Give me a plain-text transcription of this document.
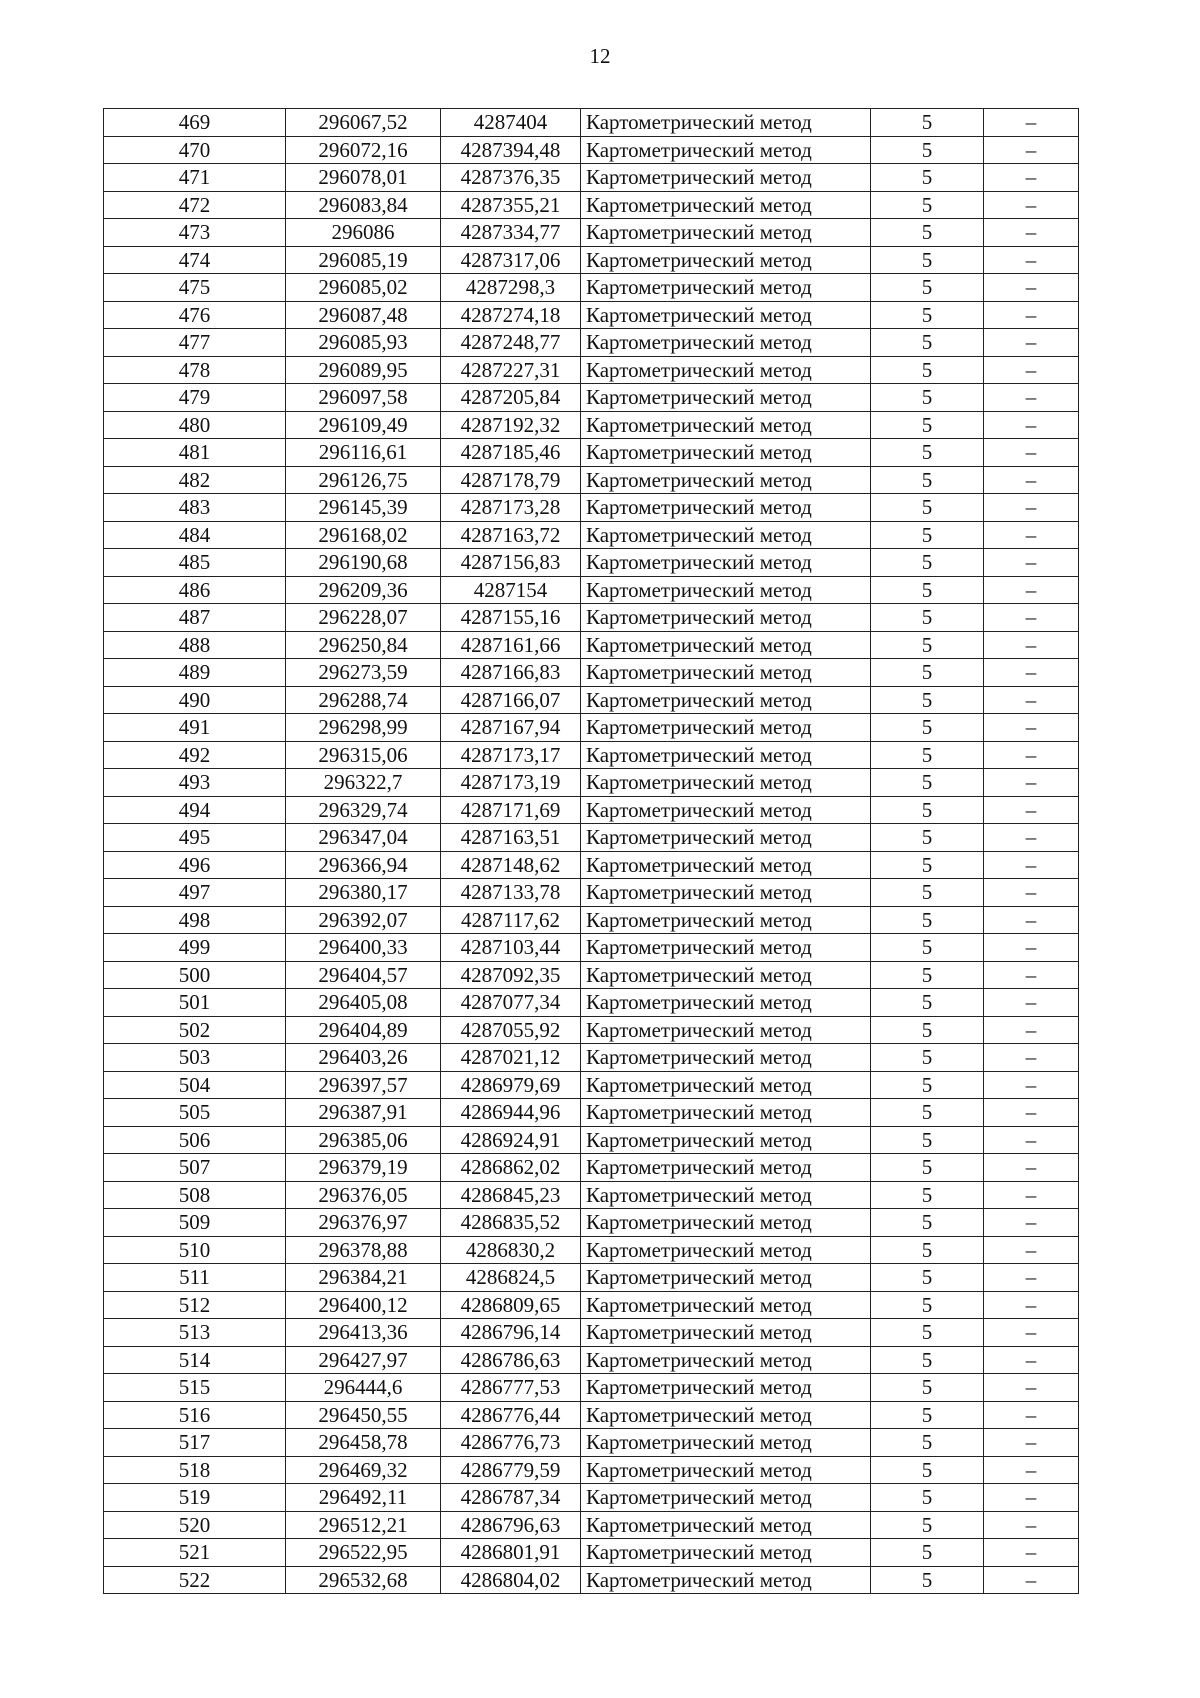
12
469	296067,52	4287404	Картометрический метод	5	–
470	296072,16	4287394,48	Картометрический метод	5	–
471	296078,01	4287376,35	Картометрический метод	5	–
472	296083,84	4287355,21	Картометрический метод	5	–
473	296086	4287334,77	Картометрический метод	5	–
474	296085,19	4287317,06	Картометрический метод	5	–
475	296085,02	4287298,3	Картометрический метод	5	–
476	296087,48	4287274,18	Картометрический метод	5	–
477	296085,93	4287248,77	Картометрический метод	5	–
478	296089,95	4287227,31	Картометрический метод	5	–
479	296097,58	4287205,84	Картометрический метод	5	–
480	296109,49	4287192,32	Картометрический метод	5	–
481	296116,61	4287185,46	Картометрический метод	5	–
482	296126,75	4287178,79	Картометрический метод	5	–
483	296145,39	4287173,28	Картометрический метод	5	–
484	296168,02	4287163,72	Картометрический метод	5	–
485	296190,68	4287156,83	Картометрический метод	5	–
486	296209,36	4287154	Картометрический метод	5	–
487	296228,07	4287155,16	Картометрический метод	5	–
488	296250,84	4287161,66	Картометрический метод	5	–
489	296273,59	4287166,83	Картометрический метод	5	–
490	296288,74	4287166,07	Картометрический метод	5	–
491	296298,99	4287167,94	Картометрический метод	5	–
492	296315,06	4287173,17	Картометрический метод	5	–
493	296322,7	4287173,19	Картометрический метод	5	–
494	296329,74	4287171,69	Картометрический метод	5	–
495	296347,04	4287163,51	Картометрический метод	5	–
496	296366,94	4287148,62	Картометрический метод	5	–
497	296380,17	4287133,78	Картометрический метод	5	–
498	296392,07	4287117,62	Картометрический метод	5	–
499	296400,33	4287103,44	Картометрический метод	5	–
500	296404,57	4287092,35	Картометрический метод	5	–
501	296405,08	4287077,34	Картометрический метод	5	–
502	296404,89	4287055,92	Картометрический метод	5	–
503	296403,26	4287021,12	Картометрический метод	5	–
504	296397,57	4286979,69	Картометрический метод	5	–
505	296387,91	4286944,96	Картометрический метод	5	–
506	296385,06	4286924,91	Картометрический метод	5	–
507	296379,19	4286862,02	Картометрический метод	5	–
508	296376,05	4286845,23	Картометрический метод	5	–
509	296376,97	4286835,52	Картометрический метод	5	–
510	296378,88	4286830,2	Картометрический метод	5	–
511	296384,21	4286824,5	Картометрический метод	5	–
512	296400,12	4286809,65	Картометрический метод	5	–
513	296413,36	4286796,14	Картометрический метод	5	–
514	296427,97	4286786,63	Картометрический метод	5	–
515	296444,6	4286777,53	Картометрический метод	5	–
516	296450,55	4286776,44	Картометрический метод	5	–
517	296458,78	4286776,73	Картометрический метод	5	–
518	296469,32	4286779,59	Картометрический метод	5	–
519	296492,11	4286787,34	Картометрический метод	5	–
520	296512,21	4286796,63	Картометрический метод	5	–
521	296522,95	4286801,91	Картометрический метод	5	–
522	296532,68	4286804,02	Картометрический метод	5	–
